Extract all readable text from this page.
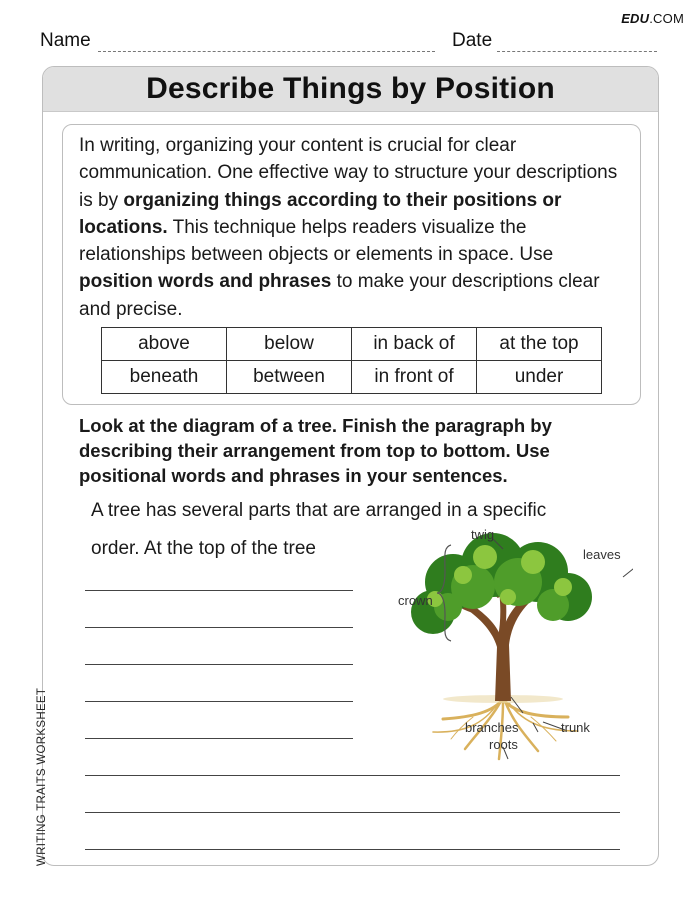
EDU.COM
Name	Date
Describe Things by Position

In writing, organizing your content is crucial for clear communication. One effective way to structure your descriptions is by organizing things according to their positions or locations. This technique helps readers visualize the relationships between objects or elements in space. Use position words and phrases to make your descriptions clear and precise.

above	below	in back of	at the top
beneath	between	in front of	under

Look at the diagram of a tree. Finish the paragraph by describing their arrangement from top to bottom. Use positional words and phrases in your sentences.

A tree has several parts that are arranged in a specific

order. At the top of the tree

twig
leaves
crown
branches	trunk
roots
WRITING TRAITS WORKSHEET
